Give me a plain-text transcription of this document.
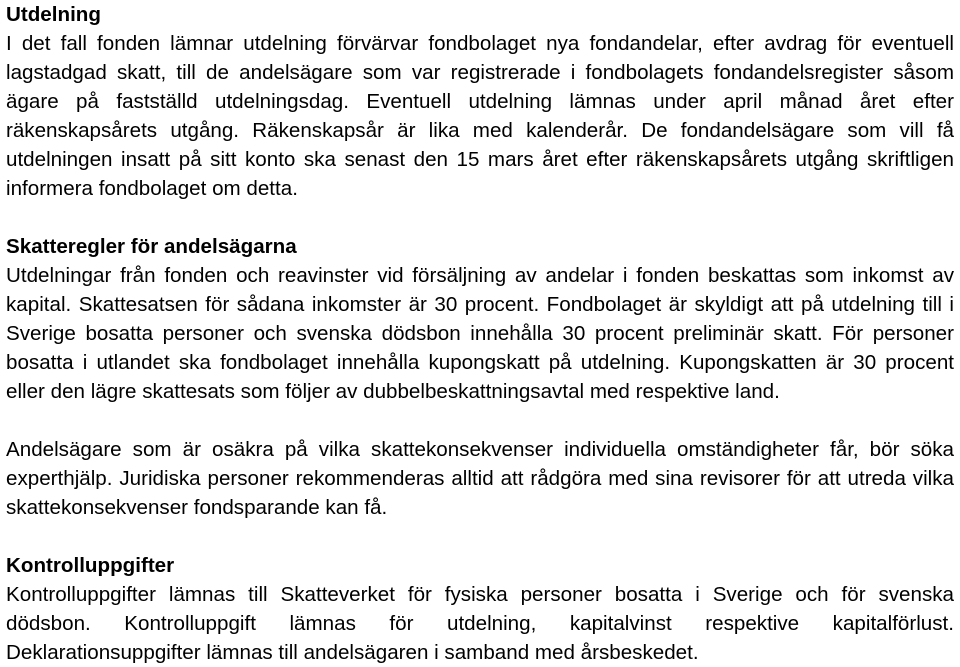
Utdelning

I det fall fonden lämnar utdelning förvärvar fondbolaget nya fondandelar, efter avdrag för eventuell lagstadgad skatt, till de andelsägare som var registrerade i fondbolagets fondandelsregister såsom ägare på fastställd utdelningsdag. Eventuell utdelning lämnas under april månad året efter räkenskapsårets utgång. Räkenskapsår är lika med kalenderår. De fondandelsägare som vill få utdelningen insatt på sitt konto ska senast den 15 mars året efter räkenskapsårets utgång skriftligen informera fondbolaget om detta.

Skatteregler för andelsägarna

Utdelningar från fonden och reavinster vid försäljning av andelar i fonden beskattas som inkomst av kapital. Skattesatsen för sådana inkomster är 30 procent. Fondbolaget är skyldigt att på utdelning till i Sverige bosatta personer och svenska dödsbon innehålla 30 procent preliminär skatt. För personer bosatta i utlandet ska fondbolaget innehålla kupongskatt på utdelning. Kupongskatten är 30 procent eller den lägre skattesats som följer av dubbelbeskattningsavtal med respektive land.

Andelsägare som är osäkra på vilka skattekonsekvenser individuella omständigheter får, bör söka experthjälp. Juridiska personer rekommenderas alltid att rådgöra med sina revisorer för att utreda vilka skattekonsekvenser fondsparande kan få.

Kontrolluppgifter

Kontrolluppgifter lämnas till Skatteverket för fysiska personer bosatta i Sverige och för svenska dödsbon. Kontrolluppgift lämnas för utdelning, kapitalvinst respektive kapitalförlust. Deklarationsuppgifter lämnas till andelsägaren i samband med årsbeskedet.
